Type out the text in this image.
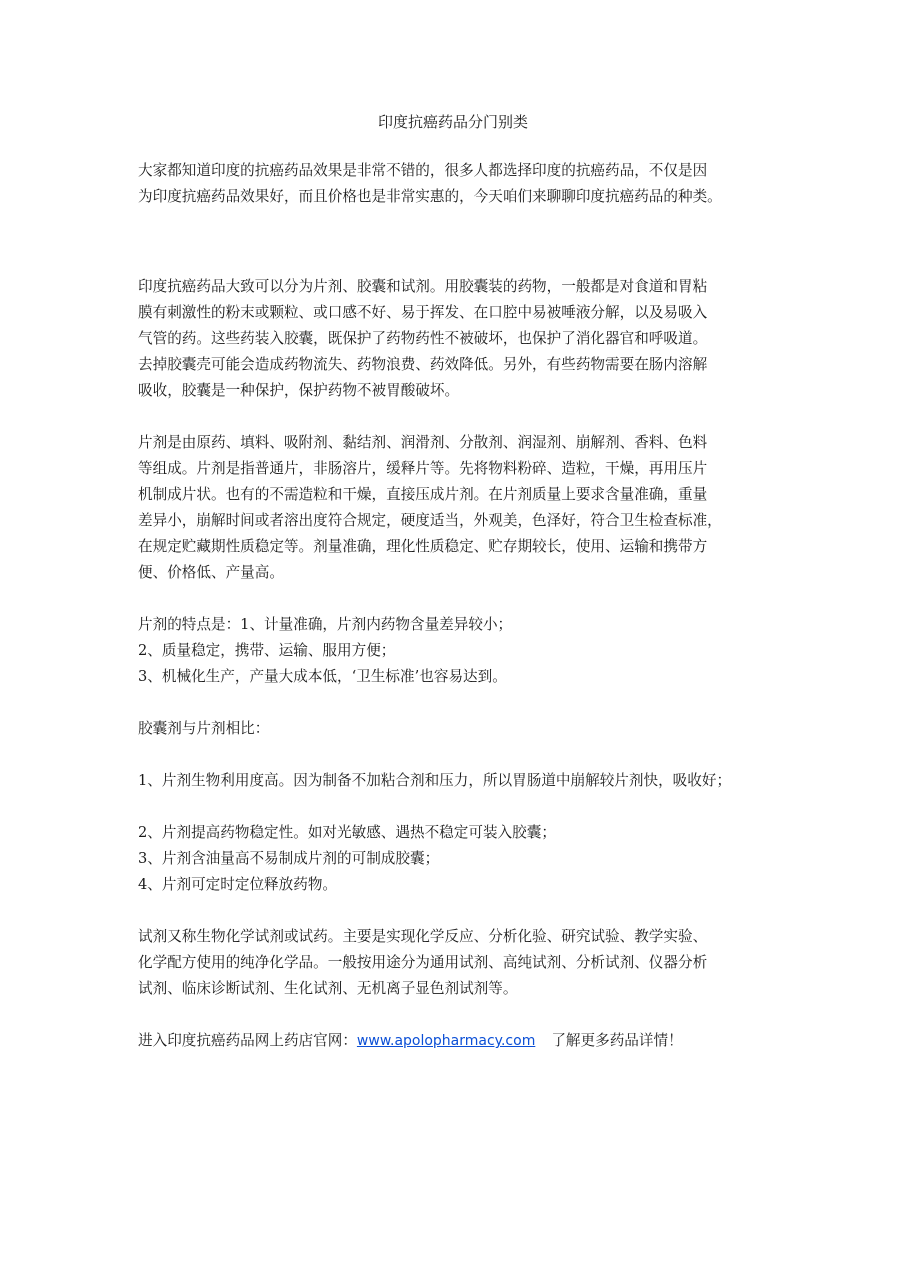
印度抗癌药品分门别类
大家都知道印度的抗癌药品效果是非常不错的，很多人都选择印度的抗癌药品，不仅是因
为印度抗癌药品效果好，而且价格也是非常实惠的，今天咱们来聊聊印度抗癌药品的种类。
印度抗癌药品大致可以分为片剂、胶囊和试剂。用胶囊装的药物，一般都是对食道和胃粘
膜有刺激性的粉末或颗粒、或口感不好、易于挥发、在口腔中易被唾液分解，以及易吸入
气管的药。这些药装入胶囊，既保护了药物药性不被破坏，也保护了消化器官和呼吸道。
去掉胶囊壳可能会造成药物流失、药物浪费、药效降低。另外，有些药物需要在肠内溶解
吸收，胶囊是一种保护，保护药物不被胃酸破坏。
片剂是由原药、填料、吸附剂、黏结剂、润滑剂、分散剂、润湿剂、崩解剂、香料、色料
等组成。片剂是指普通片，非肠溶片，缓释片等。先将物料粉碎、造粒，干燥，再用压片
机制成片状。也有的不需造粒和干燥，直接压成片剂。在片剂质量上要求含量准确，重量
差异小，崩解时间或者溶出度符合规定，硬度适当，外观美，色泽好，符合卫生检查标准，
在规定贮藏期性质稳定等。剂量准确，理化性质稳定、贮存期较长，使用、运输和携带方
便、价格低、产量高。
片剂的特点是：1、计量准确，片剂内药物含量差异较小；
2、质量稳定，携带、运输、服用方便；
3、机械化生产，产量大成本低，‘卫生标准’也容易达到。
胶囊剂与片剂相比：
1、片剂生物利用度高。因为制备不加粘合剂和压力，所以胃肠道中崩解较片剂快，吸收好；
2、片剂提高药物稳定性。如对光敏感、遇热不稳定可装入胶囊；
3、片剂含油量高不易制成片剂的可制成胶囊；
4、片剂可定时定位释放药物。
试剂又称生物化学试剂或试药。主要是实现化学反应、分析化验、研究试验、教学实验、
化学配方使用的纯净化学品。一般按用途分为通用试剂、高纯试剂、分析试剂、仪器分析
试剂、临床诊断试剂、生化试剂、无机离子显色剂试剂等。
进入印度抗癌药品网上药店官网：www.apolopharmacy.com 了解更多药品详情！
